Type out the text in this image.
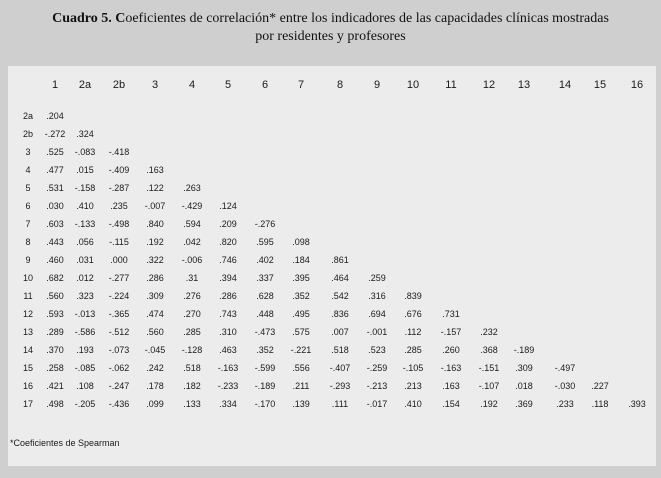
Cuadro 5. Coeficientes de correlación* entre los indicadores de las capacidades clínicas mostradas
por residentes y profesores
*Coeficientes de Spearman
1 2a 2b 3	4	5	6	7	8	9 10 11 12 13	14 15 16
2a	.204
2b	-.272 .324
3	.525 -.083 -.418
4	.477 .015 -.409 .163
5	.531 -.158 -.287 .122 .263
6	.030 .410 .235 -.007 -.429 .124
7	.603 -.133 -.498 .840 .594 .209 -.276
8	.443 .056 -.115 .192 .042 .820 .595 .098
9	.460 .031 .000 .322 -.006 .746 .402 .184 .861
10	.682 .012 -.277 .286 .31 .394 .337 .395 .464 .259
11	.560 .323 -.224 .309 .276 .286 .628 .352 .542 .316 .839
12	.593 -.013 -.365 .474 .270 .743 .448 .495 .836 .694 .676 .731
13	.289 -.586 -.512 .560 .285 .310 -.473 .575 .007 -.001 .112 -.157 .232
14	.370 .193 -.073 -.045 -.128 .463 .352 -.221 .518 .523 .285 .260 .368 -.189
15	.258 -.085 -.062 .242 .518 -.163 -.599 .556 -.407 -.259 -.105 -.163 -.151 .309 -.497
16	.421 .108 -.247 .178 .182 -.233 -.189 .211 -.293 -.213 .213 .163 -.107 .018 -.030 .227
17	.498 -.205 -.436 .099 .133 .334 -.170 .139 .111 -.017 .410 .154 .192 .369	.233 .118 .393
